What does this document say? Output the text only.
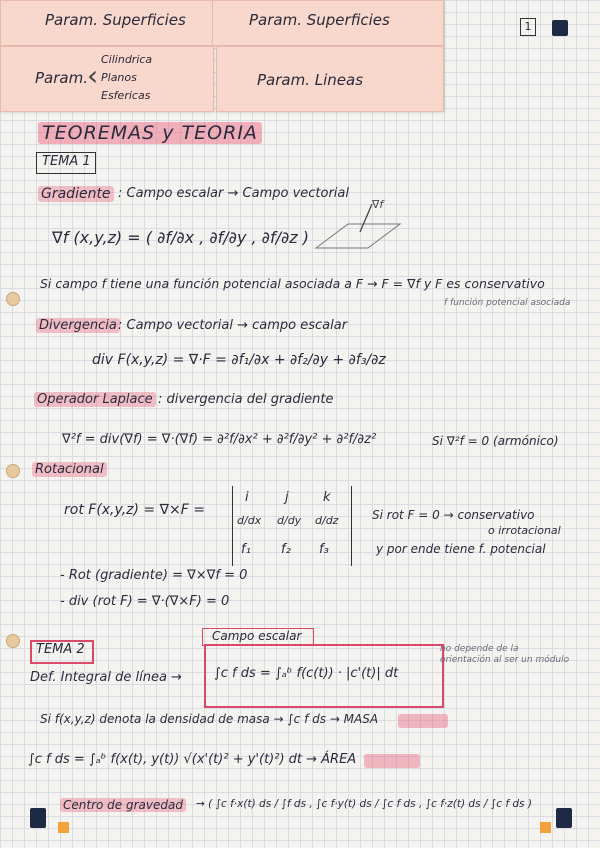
Param. Superficies	Param. Superficies
Param.
Cilindrica
Planos
Esfericas
‹	Param. Lineas
1
TEOREMAS y TEORIA
TEMA 1
Gradiente : Campo escalar → Campo vectorial
∇f (x,y,z) = ( ∂f/∂x , ∂f/∂y , ∂f/∂z )
∇f
Si campo f tiene una función potencial asociada a F → F = ∇f y F es conservativo
f función potencial asociada
Divergencia : Campo vectorial → campo escalar
div F(x,y,z) = ∇·F = ∂f₁/∂x + ∂f₂/∂y + ∂f₃/∂z
Operador Laplace : divergencia del gradiente
∇²f = div(∇f) = ∇·(∇f) = ∂²f/∂x² + ∂²f/∂y² + ∂²f/∂z²	Si ∇²f = 0 (armónico)
Rotacional
rot F(x,y,z) = ∇×F =
i	j	k
d/dx d/dy d/dz
f₁ f₂ f₃
Si rot F = 0 → conservativo
o irrotacional
y por ende tiene f. potencial
- Rot (gradiente) = ∇×∇f = 0
- div (rot F) = ∇·(∇×F) = 0
TEMA 2
Campo escalar
Def. Integral de línea → ∫c f ds = ∫ₐᵇ f(c(t)) · |c'(t)| dt
no depende de la orientación al ser un módulo
Si f(x,y,z) denota la densidad de masa → ∫c f ds → MASA
∫c f ds = ∫ₐᵇ f(x(t), y(t)) √(x'(t)² + y'(t)²) dt → ÁREA
Centro de gravedad → ( ∫c f·x(t) ds / ∫f ds , ∫c f·y(t) ds / ∫c f ds , ∫c f·z(t) ds / ∫c f ds )
